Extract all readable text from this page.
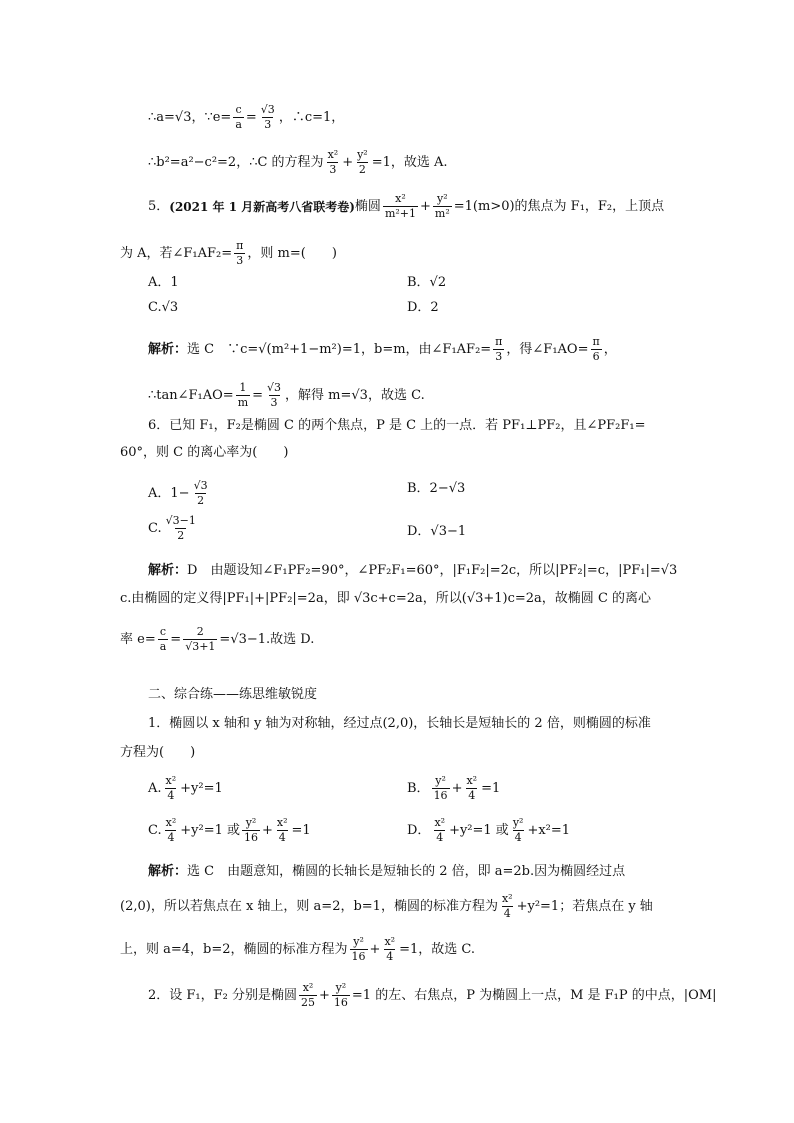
∴a=√3，∵e= $\frac{c}{a} = \frac{√3}{3}$ ，∴c=1，
∴b²=a²−c²=2，∴C 的方程为
x²
$3 + \frac{\text{y²}}{2} =1$，故选 A.
5． (2021 年 1 月新高考八省联考卷) 椭圆
x²
$m^2+1 + \frac{\text{y²}}{\text{m²}} =1(m>0)$的焦点为 F₁，F₂，上顶点
为 A，若∠F₁AF₂= $\frac{\pi}{3}$ ，则 m=(　　)
A．1	B．√2
C.√3	D．2
解析： 选 C　∵c=√(m²+1−m²)=1，b=m，由∠F₁AF₂= $\frac{\pi}{3}$ ，得∠F₁AO= $\frac{\pi}{6}$ ，
∴tan∠F₁AO= $\frac{1}{m} = \frac{√3}{3}$ ，解得 m=√3，故选 C.
6．已知 F₁，F₂是椭圆 C 的两个焦点，P 是 C 上的一点．若 PF₁⊥PF₂，且∠PF₂F₁=
60°，则 C 的离心率为(　　)
A．$1- \frac{√3}{2}$	B．2−√3
C.
√3−1
2	D．√3−1
解析： D　由题设知∠F₁PF₂=90°，∠PF₂F₁=60°，|F₁F₂|=2c，所以|PF₂|=c，|PF₁|=√3
c.由椭圆的定义得|PF₁|+|PF₂|=2a，即 √3c+c=2a，所以(√3+1)c=2a，故椭圆 C 的离心
率 $e= \frac{c}{a} = \frac{2}{√3+1} =√3-1$.故选 D.
二、综合练——练思维敏锐度
1．椭圆以 x 轴和 y 轴为对称轴，经过点(2,0)，长轴长是短轴长的 2 倍，则椭圆的标准
方程为(　　)
A.
x²
4 +y²=1	B．
y²
$16 + \frac{\text{x²}}{4} =1$
C.
x²
4 +y²=1 或
y²
$16 + \frac{\text{x²}}{4} =1$	D．
x²
4 +y²=1 或
y²
4 +x²=1
解析： 选 C　由题意知，椭圆的长轴长是短轴长的 2 倍，即 a=2b.因为椭圆经过点
(2,0)，所以若焦点在 x 轴上，则 a=2，b=1，椭圆的标准方程为
x²
4 +y²=1；若焦点在 y 轴
上，则 a=4，b=2，椭圆的标准方程为
y²
$16 + \frac{\text{x²}}{4} =1$，故选 C.
2．设 F₁，F₂ 分别是椭圆
x²
$25 + \frac{\text{y²}}{16} =1$ 的左、右焦点，P 为椭圆上一点，M 是 F₁P 的中点，|OM|
